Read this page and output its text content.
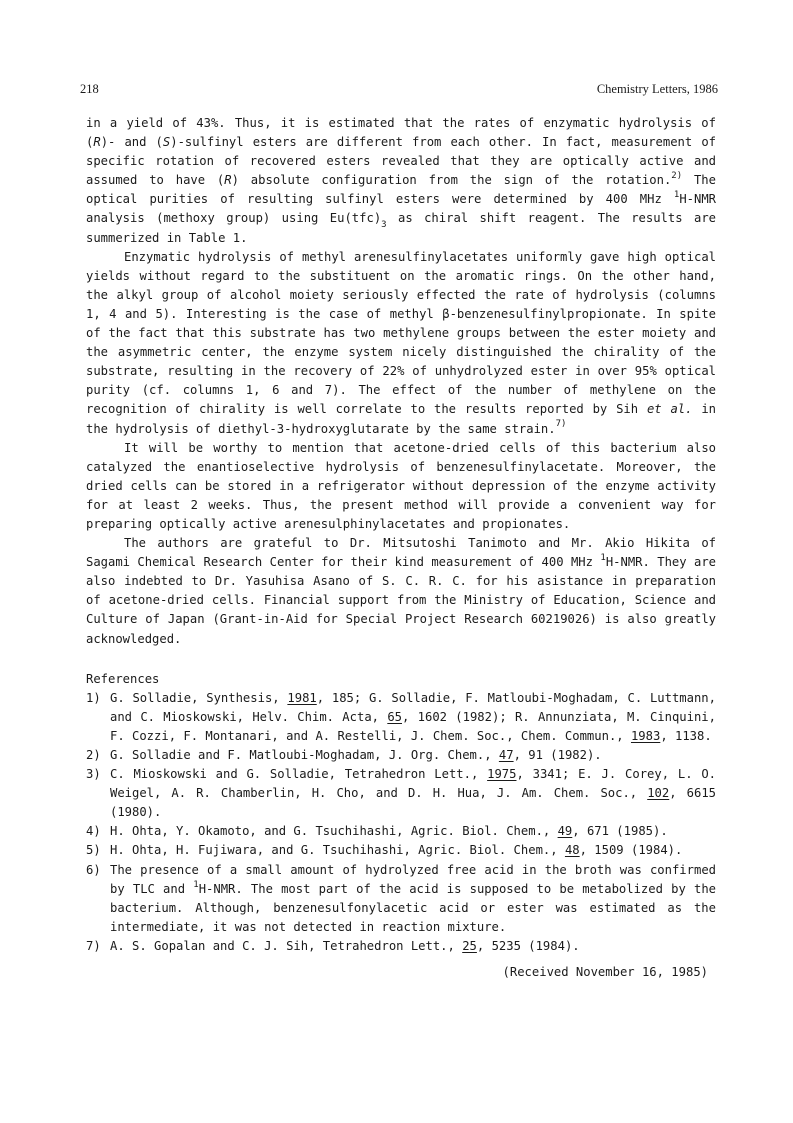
218	Chemistry Letters, 1986

in a yield of 43%. Thus, it is estimated that the rates of enzymatic hydrolysis of (R)- and (S)-sulfinyl esters are different from each other. In fact, measurement of specific rotation of recovered esters revealed that they are optically active and assumed to have (R) absolute configuration from the sign of the rotation.$^{2)}$ The optical purities of resulting sulfinyl esters were determined by 400 MHz $^1$H-NMR analysis (methoxy group) using $Eu(tfc)_3$ as chiral shift reagent. The results are summerized in Table 1.

Enzymatic hydrolysis of methyl arenesulfinylacetates uniformly gave high optical yields without regard to the substituent on the aromatic rings. On the other hand, the alkyl group of alcohol moiety seriously effected the rate of hydrolysis (columns 1, 4 and 5). Interesting is the case of methyl β-benzenesulfinylpropionate. In spite of the fact that this substrate has two methylene groups between the ester moiety and the asymmetric center, the enzyme system nicely distinguished the chirality of the substrate, resulting in the recovery of 22% of unhydrolyzed ester in over 95% optical purity (cf. columns 1, 6 and 7). The effect of the number of methylene on the recognition of chirality is well correlate to the results reported by Sih et al. in the hydrolysis of diethyl-3-hydroxyglutarate by the same strain.$^{7)}$

It will be worthy to mention that acetone-dried cells of this bacterium also catalyzed the enantioselective hydrolysis of benzenesulfinylacetate. Moreover, the dried cells can be stored in a refrigerator without depression of the enzyme activity for at least 2 weeks. Thus, the present method will provide a convenient way for preparing optically active arenesulphinylacetates and propionates.

The authors are grateful to Dr. Mitsutoshi Tanimoto and Mr. Akio Hikita of Sagami Chemical Research Center for their kind measurement of 400 MHz $^1$H-NMR. They are also indebted to Dr. Yasuhisa Asano of S. C. R. C. for his asistance in preparation of acetone-dried cells. Financial support from the Ministry of Education, Science and Culture of Japan (Grant-in-Aid for Special Project Research 60219026) is also greatly acknowledged.

References
1) G. Solladie, Synthesis, 1981, 185; G. Solladie, F. Matloubi-Moghadam, C. Luttmann, and C. Mioskowski, Helv. Chim. Acta, 65, 1602 (1982); R. Annunziata, M. Cinquini, F. Cozzi, F. Montanari, and A. Restelli, J. Chem. Soc., Chem. Commun., 1983, 1138.
2) G. Solladie and F. Matloubi-Moghadam, J. Org. Chem., 47, 91 (1982).
3) C. Mioskowski and G. Solladie, Tetrahedron Lett., 1975, 3341; E. J. Corey, L. O. Weigel, A. R. Chamberlin, H. Cho, and D. H. Hua, J. Am. Chem. Soc., 102, 6615 (1980).
4) H. Ohta, Y. Okamoto, and G. Tsuchihashi, Agric. Biol. Chem., 49, 671 (1985).
5) H. Ohta, H. Fujiwara, and G. Tsuchihashi, Agric. Biol. Chem., 48, 1509 (1984).
6) The presence of a small amount of hydrolyzed free acid in the broth was confirmed by TLC and $^1$H-NMR. The most part of the acid is supposed to be metabolized by the bacterium. Although, benzenesulfonylacetic acid or ester was estimated as the intermediate, it was not detected in reaction mixture.
7) A. S. Gopalan and C. J. Sih, Tetrahedron Lett., 25, 5235 (1984).
(Received November 16, 1985)
